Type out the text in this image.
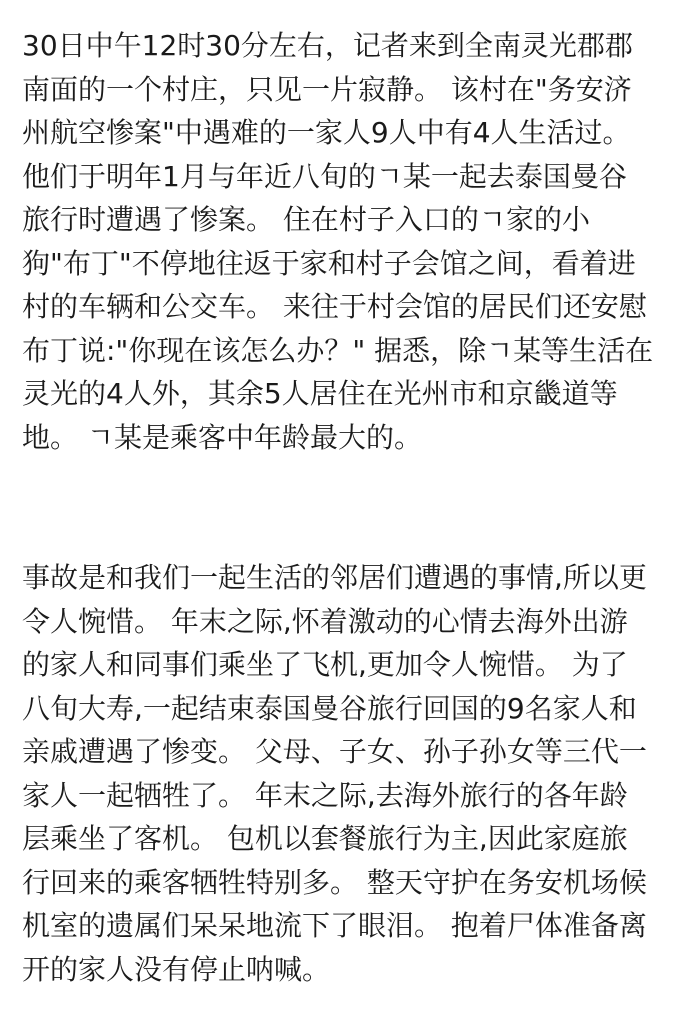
30日中午12时30分左右，记者来到全南灵光郡郡
南面的一个村庄，只见一片寂静。 该村在"务安济
州航空惨案"中遇难的一家人9人中有4人生活过。
他们于明年1月与年近八旬的ㄱ某一起去泰国曼谷
旅行时遭遇了惨案。 住在村子入口的ㄱ家的小
狗"布丁"不停地往返于家和村子会馆之间，看着进
村的车辆和公交车。 来往于村会馆的居民们还安慰
布丁说:"你现在该怎么办？" 据悉，除ㄱ某等生活在
灵光的4人外，其余5人居住在光州市和京畿道等
地。 ㄱ某是乘客中年龄最大的。

事故是和我们一起生活的邻居们遭遇的事情,所以更
令人惋惜。 年末之际,怀着激动的心情去海外出游
的家人和同事们乘坐了飞机,更加令人惋惜。 为了
八旬大寿,一起结束泰国曼谷旅行回国的9名家人和
亲戚遭遇了惨变。 父母、子女、孙子孙女等三代一
家人一起牺牲了。 年末之际,去海外旅行的各年龄
层乘坐了客机。 包机以套餐旅行为主,因此家庭旅
行回来的乘客牺牲特别多。 整天守护在务安机场候
机室的遗属们呆呆地流下了眼泪。 抱着尸体准备离
开的家人没有停止呐喊。
